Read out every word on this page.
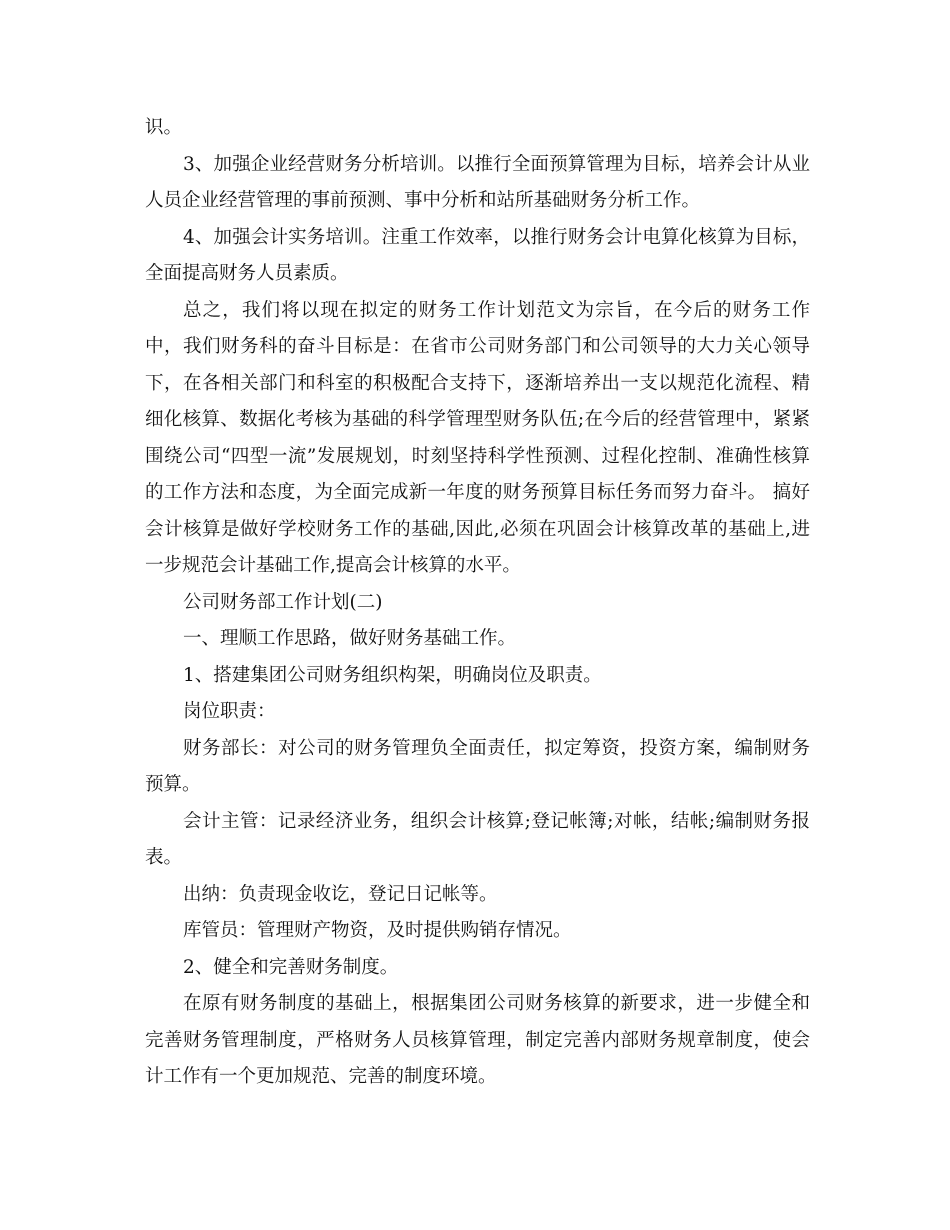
识。

3、加强企业经营财务分析培训。以推行全面预算管理为目标，培养会计从业人员企业经营管理的事前预测、事中分析和站所基础财务分析工作。

4、加强会计实务培训。注重工作效率，以推行财务会计电算化核算为目标，全面提高财务人员素质。

总之，我们将以现在拟定的财务工作计划范文为宗旨，在今后的财务工作中，我们财务科的奋斗目标是：在省市公司财务部门和公司领导的大力关心领导下，在各相关部门和科室的积极配合支持下，逐渐培养出一支以规范化流程、精细化核算、数据化考核为基础的科学管理型财务队伍;在今后的经营管理中，紧紧围绕公司“四型一流”发展规划，时刻坚持科学性预测、过程化控制、准确性核算的工作方法和态度，为全面完成新一年度的财务预算目标任务而努力奋斗。 搞好会计核算是做好学校财务工作的基础,因此,必须在巩固会计核算改革的基础上,进一步规范会计基础工作,提高会计核算的水平。

公司财务部工作计划(二)

一、理顺工作思路，做好财务基础工作。

1、搭建集团公司财务组织构架，明确岗位及职责。

岗位职责：

财务部长：对公司的财务管理负全面责任，拟定筹资，投资方案，编制财务预算。

会计主管：记录经济业务，组织会计核算;登记帐簿;对帐，结帐;编制财务报表。

出纳：负责现金收讫，登记日记帐等。

库管员：管理财产物资，及时提供购销存情况。

2、健全和完善财务制度。

在原有财务制度的基础上，根据集团公司财务核算的新要求，进一步健全和完善财务管理制度，严格财务人员核算管理，制定完善内部财务规章制度，使会计工作有一个更加规范、完善的制度环境。
